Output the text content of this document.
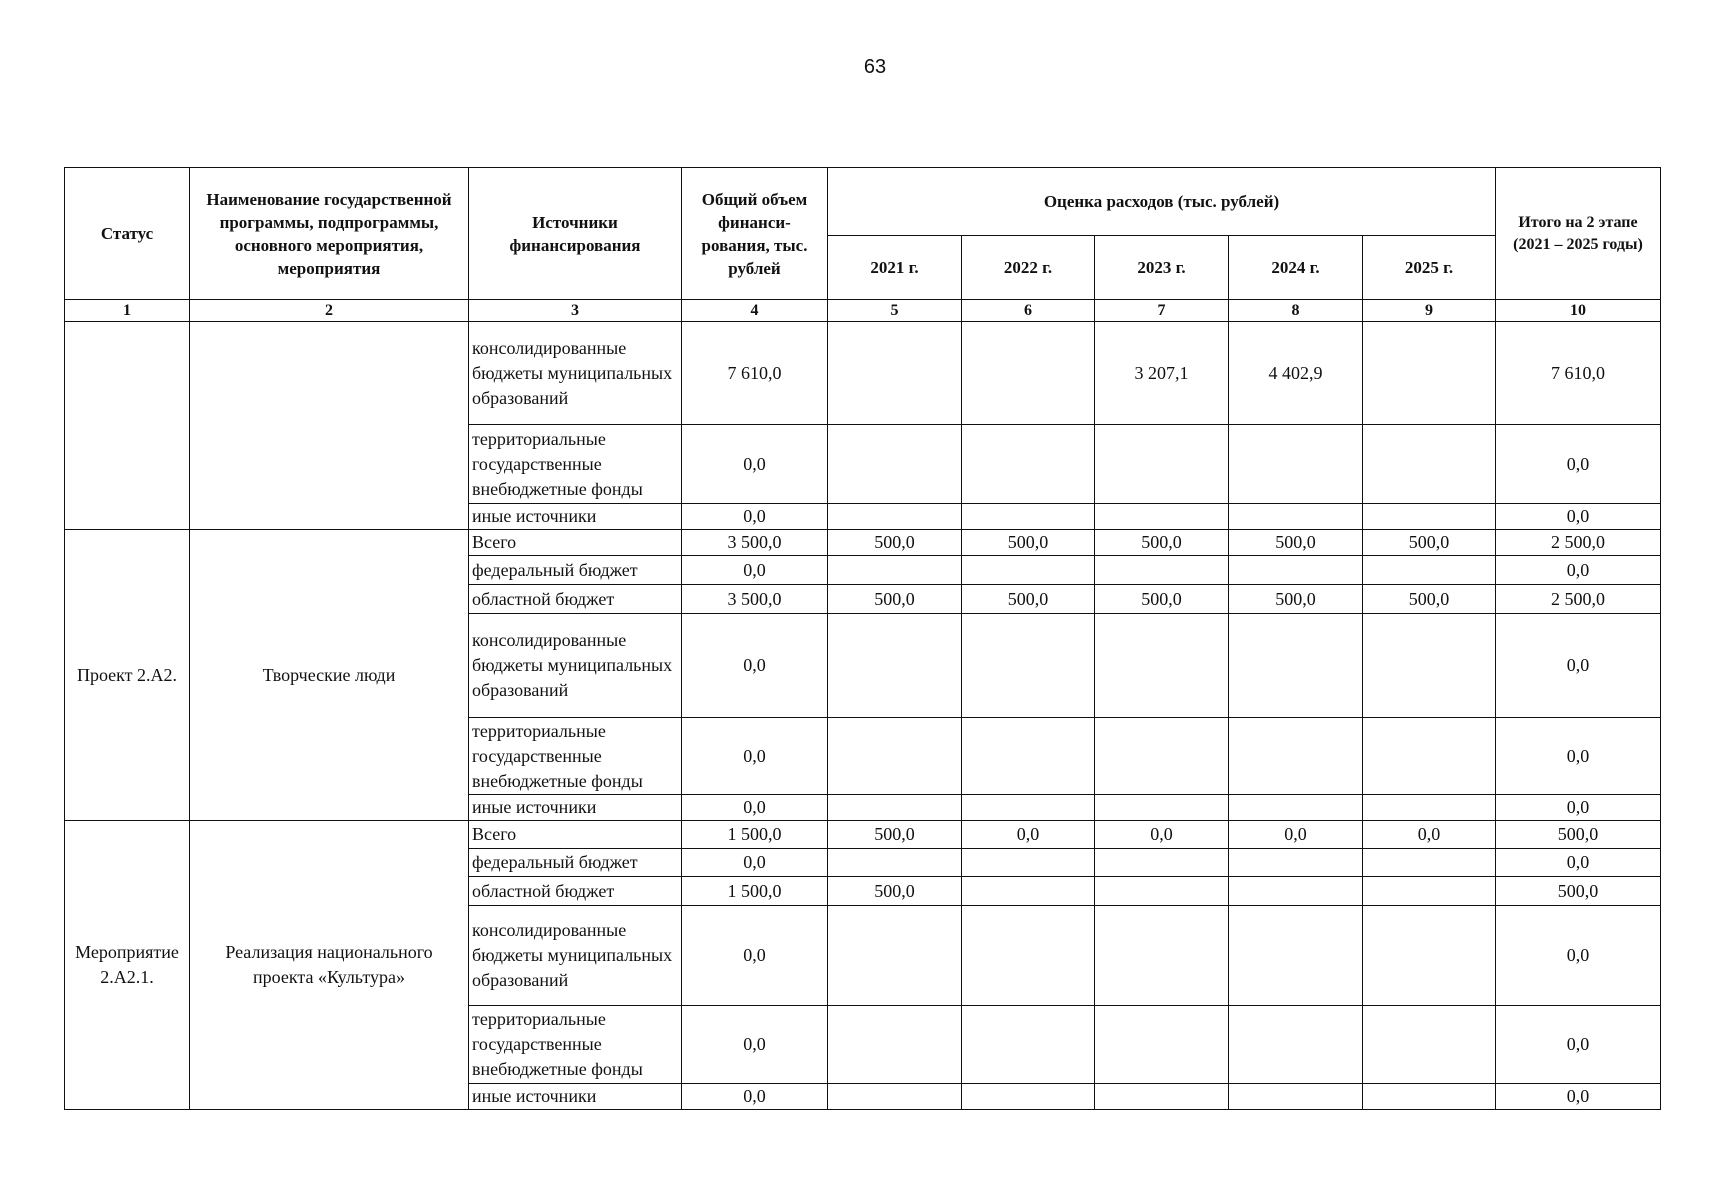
63
Статус	Наименование государственной программы, подпрограммы, основного мероприятия, мероприятия	Источники финансирования	Общий объем финанси-рования, тыс. рублей	Оценка расходов (тыс. рублей)					Итого на 2 этапе (2021 – 2025 годы)
				2021 г.	2022 г.	2023 г.	2024 г.	2025 г.	
1	2	3	4	5	6	7	8	9	10
		консолидированные бюджеты муниципальных образований	7 610,0			3 207,1	4 402,9		7 610,0
		территориальные государственные внебюджетные фонды	0,0						0,0
		иные источники	0,0						0,0
Проект 2.А2.	Творческие люди	Всего	3 500,0	500,0	500,0	500,0	500,0	500,0	2 500,0
		федеральный бюджет	0,0						0,0
		областной бюджет	3 500,0	500,0	500,0	500,0	500,0	500,0	2 500,0
		консолидированные бюджеты муниципальных образований	0,0						0,0
		территориальные государственные внебюджетные фонды	0,0						0,0
		иные источники	0,0						0,0
Мероприятие 2.А2.1.	Реализация национального проекта «Культура»	Всего	1 500,0	500,0	0,0	0,0	0,0	0,0	500,0
		федеральный бюджет	0,0						0,0
		областной бюджет	1 500,0	500,0					500,0
		консолидированные бюджеты муниципальных образований	0,0						0,0
		территориальные государственные внебюджетные фонды	0,0						0,0
		иные источники	0,0						0,0
